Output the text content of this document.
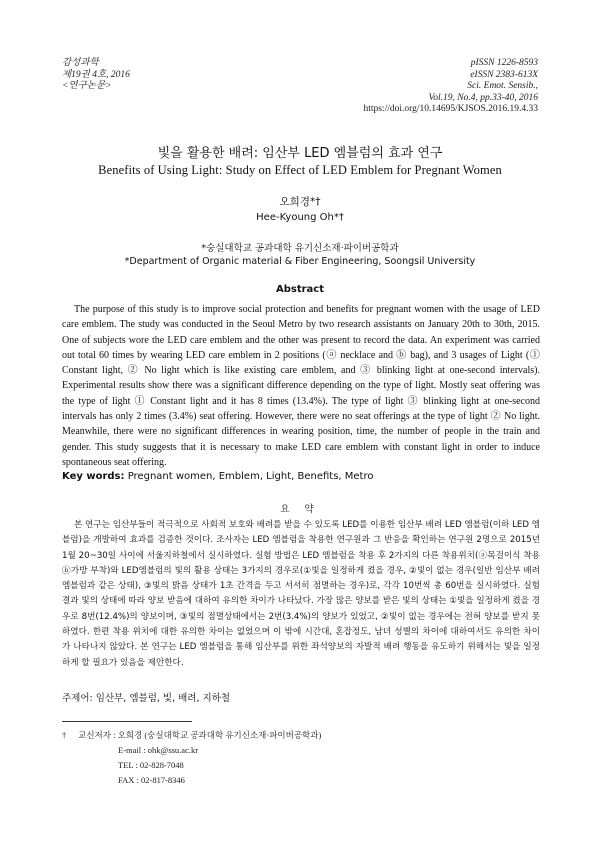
감성과학
제19권 4호, 2016
<연구논문>
pISSN 1226-8593
eISSN 2383-613X
Sci. Emot. Sensib.,
Vol.19, No.4, pp.33-40, 2016
https://doi.org/10.14695/KJSOS.2016.19.4.33
빛을 활용한 배려: 임산부 LED 엠블럼의 효과 연구
Benefits of Using Light: Study on Effect of LED Emblem for Pregnant Women
오희경*†
Hee-Kyoung Oh*†
*숭실대학교 공과대학 유기신소재·파이버공학과
*Department of Organic material & Fiber Engineering, Soongsil University
Abstract
The purpose of this study is to improve social protection and benefits for pregnant women with the usage of LED care emblem. The study was conducted in the Seoul Metro by two research assistants on January 20th to 30th, 2015. One of subjects wore the LED care emblem and the other was present to record the data. An experiment was carried out total 60 times by wearing LED care emblem in 2 positions (ⓐ necklace and ⓑ bag), and 3 usages of Light (① Constant light, ② No light which is like existing care emblem, and ③ blinking light at one-second intervals). Experimental results show there was a significant difference depending on the type of light. Mostly seat offering was the type of light ① Constant light and it has 8 times (13.4%). The type of light ③ blinking light at one-second intervals has only 2 times (3.4%) seat offering. However, there were no seat offerings at the type of light ② No light. Meanwhile, there were no significant differences in wearing position, time, the number of people in the train and gender. This study suggests that it is necessary to make LED care emblem with constant light in order to induce spontaneous seat offering.
Key words: Pregnant women, Emblem, Light, Benefits, Metro
요 약
본 연구는 임산부들이 적극적으로 사회적 보호와 배려를 받을 수 있도록 LED를 이용한 임산부 배려 LED 엠블럼(이하 LED 엠블럼)을 개발하여 효과를 검증한 것이다. 조사자는 LED 엠블럼을 착용한 연구원과 그 반응을 확인하는 연구원 2명으로 2015년 1월 20~30일 사이에 서울지하철에서 실시하였다. 실험 방법은 LED 엠블럼을 착용 후 2가지의 다른 착용위치(ⓐ목걸이식 착용 ⓑ가방 부착)와 LED엠블럼의 빛의 활용 상태는 3가지의 경우로(①빛을 일정하게 켰을 경우, ②빛이 없는 경우(일반 임산부 배려 엠블럼과 같은 상태), ③빛의 밝음 상태가 1초 간격을 두고 서서히 점멸하는 경우)로, 각각 10번씩 총 60번을 실시하였다. 실험결과 빛의 상태에 따라 양보 받음에 대하여 유의한 차이가 나타났다. 가장 많은 양보를 받은 빛의 상태는 ①빛을 일정하게 켰을 경우로 8번(12.4%)의 양보이며, ③빛의 점멸상태에서는 2번(3.4%)의 양보가 있었고, ②빛이 없는 경우에는 전혀 양보를 받지 못하였다. 한편 착용 위치에 대한 유의한 차이는 없었으며 이 밖에 시간대, 혼잡정도, 남녀 성별의 차이에 대하여서도 유의한 차이가 나타나지 않았다. 본 연구는 LED 엠블럼을 통해 임산부를 위한 좌석양보의 자발적 배려 행동을 유도하기 위해서는 빛을 일정하게 할 필요가 있음을 제안한다.
주제어: 임산부, 엠블럼, 빛, 배려, 지하철
† 교신저자 : 오희경 (숭실대학교 공과대학 유기신소재·파이버공학과)
E-mail : ohk@ssu.ac.kr
TEL : 02-828-7048
FAX : 02-817-8346
